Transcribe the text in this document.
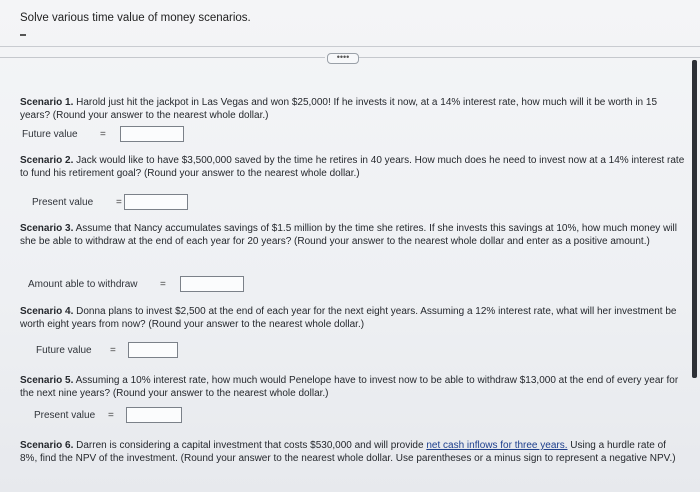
Solve various time value of money scenarios.
••••
Scenario 1. Harold just hit the jackpot in Las Vegas and won $25,000! If he invests it now, at a 14% interest rate, how much will it be worth in 15 years? (Round your answer to the nearest whole dollar.)
Future value =
Scenario 2. Jack would like to have $3,500,000 saved by the time he retires in 40 years. How much does he need to invest now at a 14% interest rate to fund his retirement goal? (Round your answer to the nearest whole dollar.)
Present value =
Scenario 3. Assume that Nancy accumulates savings of $1.5 million by the time she retires. If she invests this savings at 10%, how much money will she be able to withdraw at the end of each year for 20 years? (Round your answer to the nearest whole dollar and enter as a positive amount.)
Amount able to withdraw =
Scenario 4. Donna plans to invest $2,500 at the end of each year for the next eight years. Assuming a 12% interest rate, what will her investment be worth eight years from now? (Round your answer to the nearest whole dollar.)
Future value =
Scenario 5. Assuming a 10% interest rate, how much would Penelope have to invest now to be able to withdraw $13,000 at the end of every year for the next nine years? (Round your answer to the nearest whole dollar.)
Present value =
Scenario 6. Darren is considering a capital investment that costs $530,000 and will provide net cash inflows for three years. Using a hurdle rate of 8%, find the NPV of the investment. (Round your answer to the nearest whole dollar. Use parentheses or a minus sign to represent a negative NPV.)
